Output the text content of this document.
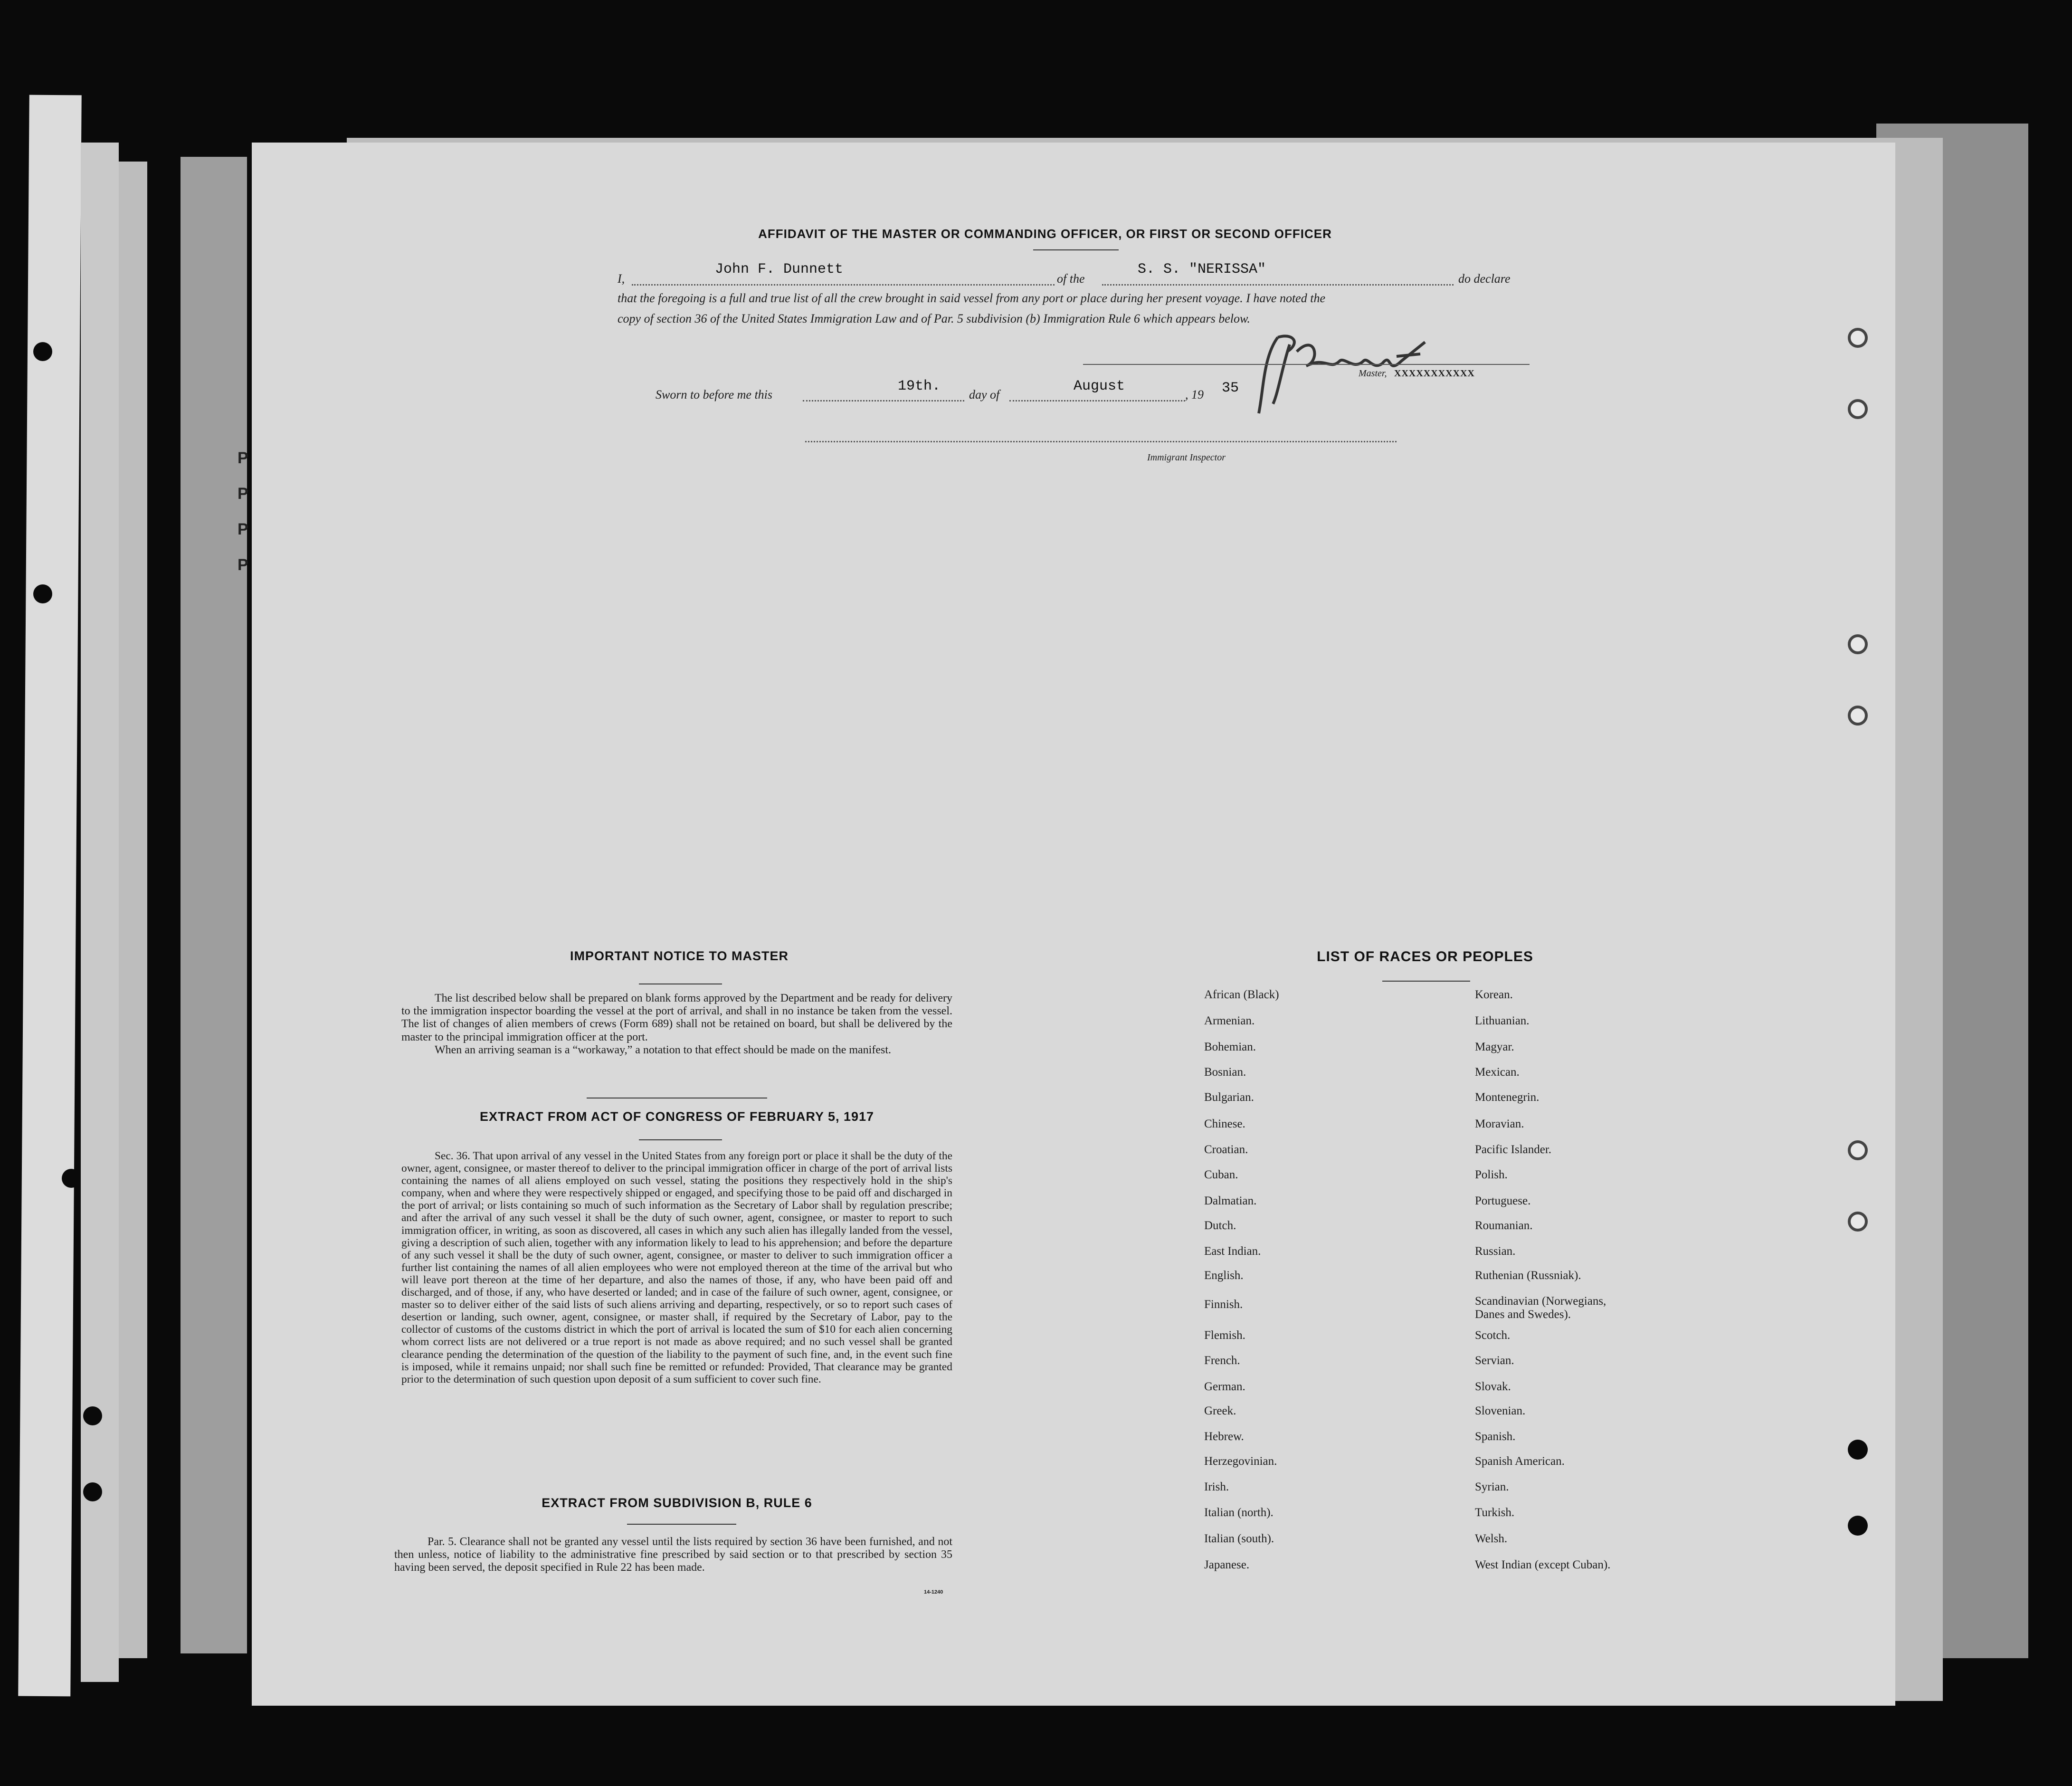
P
P
P
P
AFFIDAVIT OF THE MASTER OR COMMANDING OFFICER, OR FIRST OR SECOND OFFICER
I,
John F. Dunnett
of the
S. S. "NERISSA"
do declare
that the foregoing is a full and true list of all the crew brought in said vessel from any port or place during her present voyage. I have noted the
copy of section 36 of the United States Immigration Law and of Par. 5 subdivision (b) Immigration Rule 6 which appears below.
Master, XXXXXXXXXXX
Sworn to before me this
19th.
day of
August
, 19 35
Immigrant Inspector
IMPORTANT NOTICE TO MASTER

The list described below shall be prepared on blank forms approved by the Department and be ready for delivery to the immigration inspector boarding the vessel at the port of arrival, and shall in no instance be taken from the vessel. The list of changes of alien members of crews (Form 689) shall not be retained on board, but shall be delivered by the master to the principal immigration officer at the port.

When an arriving seaman is a “workaway,” a notation to that effect should be made on the manifest.

EXTRACT FROM ACT OF CONGRESS OF FEBRUARY 5, 1917

Sec. 36. That upon arrival of any vessel in the United States from any foreign port or place it shall be the duty of the owner, agent, consignee, or master thereof to deliver to the principal immigration officer in charge of the port of arrival lists containing the names of all aliens employed on such vessel, stating the positions they respectively hold in the ship's company, when and where they were respectively shipped or engaged, and specifying those to be paid off and discharged in the port of arrival; or lists containing so much of such information as the Secretary of Labor shall by regulation prescribe; and after the arrival of any such vessel it shall be the duty of such owner, agent, consignee, or master to report to such immigration officer, in writing, as soon as discovered, all cases in which any such alien has illegally landed from the vessel, giving a description of such alien, together with any information likely to lead to his apprehension; and before the departure of any such vessel it shall be the duty of such owner, agent, consignee, or master to deliver to such immigration officer a further list containing the names of all alien employees who were not employed thereon at the time of the arrival but who will leave port thereon at the time of her departure, and also the names of those, if any, who have been paid off and discharged, and of those, if any, who have deserted or landed; and in case of the failure of such owner, agent, consignee, or master so to deliver either of the said lists of such aliens arriving and departing, respectively, or so to report such cases of desertion or landing, such owner, agent, consignee, or master shall, if required by the Secretary of Labor, pay to the collector of customs of the customs district in which the port of arrival is located the sum of $10 for each alien concerning whom correct lists are not delivered or a true report is not made as above required; and no such vessel shall be granted clearance pending the determination of the question of the liability to the payment of such fine, and, in the event such fine is imposed, while it remains unpaid; nor shall such fine be remitted or refunded: Provided, That clearance may be granted prior to the determination of such question upon deposit of a sum sufficient to cover such fine.

EXTRACT FROM SUBDIVISION B, RULE 6

Par. 5. Clearance shall not be granted any vessel until the lists required by section 36 have been furnished, and not then unless, notice of liability to the administrative fine prescribed by said section or to that prescribed by section 35 having been served, the deposit specified in Rule 22 has been made.

14-1240
LIST OF RACES OR PEOPLES
African (Black)
Armenian.
Bohemian.
Bosnian.
Bulgarian.
Chinese.
Croatian.
Cuban.
Dalmatian.
Dutch.
East Indian.
English.
Finnish.
Flemish.
French.
German.
Greek.
Hebrew.
Herzegovinian.
Irish.
Italian (north).
Italian (south).
Japanese.
Korean.
Lithuanian.
Magyar.
Mexican.
Montenegrin.
Moravian.
Pacific Islander.
Polish.
Portuguese.
Roumanian.
Russian.
Ruthenian (Russniak).
Scandinavian (Norwegians, Danes and Swedes).
Scotch.
Servian.
Slovak.
Slovenian.
Spanish.
Spanish American.
Syrian.
Turkish.
Welsh.
West Indian (except Cuban).
